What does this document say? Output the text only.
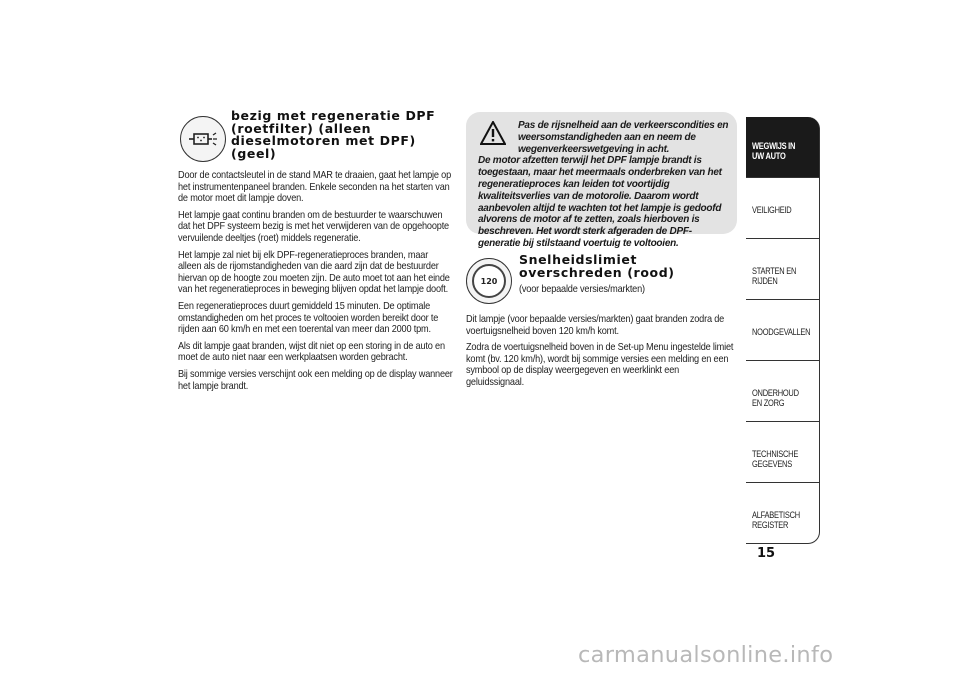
bezig met regeneratie DPF (roetfilter) (alleen dieselmotoren met DPF) (geel)

Door de contactsleutel in de stand MAR te draaien, gaat het lampje op het instrumentenpaneel branden. Enkele seconden na het starten van de motor moet dit lampje doven.

Het lampje gaat continu branden om de bestuurder te waarschuwen dat het DPF systeem bezig is met het verwijderen van de opgehoopte vervuilende deeltjes (roet) middels regeneratie.

Het lampje zal niet bij elk DPF-regeneratieproces branden, maar alleen als de rijomstandigheden van die aard zijn dat de bestuurder hiervan op de hoogte zou moeten zijn. De auto moet tot aan het einde van het regeneratieproces in beweging blijven opdat het lampje dooft.

Een regeneratieproces duurt gemiddeld 15 minuten. De optimale omstandigheden om het proces te voltooien worden bereikt door te rijden aan 60 km/h en met een toerental van meer dan 2000 tpm.

Als dit lampje gaat branden, wijst dit niet op een storing in de auto en moet de auto niet naar een werkplaatsen worden gebracht.

Bij sommige versies verschijnt ook een melding op de display wanneer het lampje brandt.

Pas de rijsnelheid aan de verkeerscondities en weersomstandigheden aan en neem de wegenverkeerswetgeving in acht.
De motor afzetten terwijl het DPF lampje brandt is toegestaan, maar het meermaals onderbreken van het regeneratieproces kan leiden tot voortijdig kwaliteitsverlies van de motorolie. Daarom wordt aanbevolen altijd te wachten tot het lampje is gedoofd alvorens de motor af te zetten, zoals hierboven is beschreven. Het wordt sterk afgeraden de DPF-generatie bij stilstaand voertuig te voltooien.
120
Snelheidslimiet overschreden (rood)

(voor bepaalde versies/markten)

Dit lampje (voor bepaalde versies/markten) gaat branden zodra de voertuigsnelheid boven 120 km/h komt.

Zodra de voertuigsnelheid boven in de Set-up Menu ingestelde limiet komt (bv. 120 km/h), wordt bij sommige versies een melding en een symbool op de display weergegeven en weerklinkt een geluidssignaal.

WEGWIJS IN UW AUTO
VEILIGHEID
STARTEN EN RIJDEN
NOODGEVALLEN
ONDERHOUD EN ZORG
TECHNISCHE GEGEVENS
ALFABETISCH REGISTER
15
carmanualsonline.info
